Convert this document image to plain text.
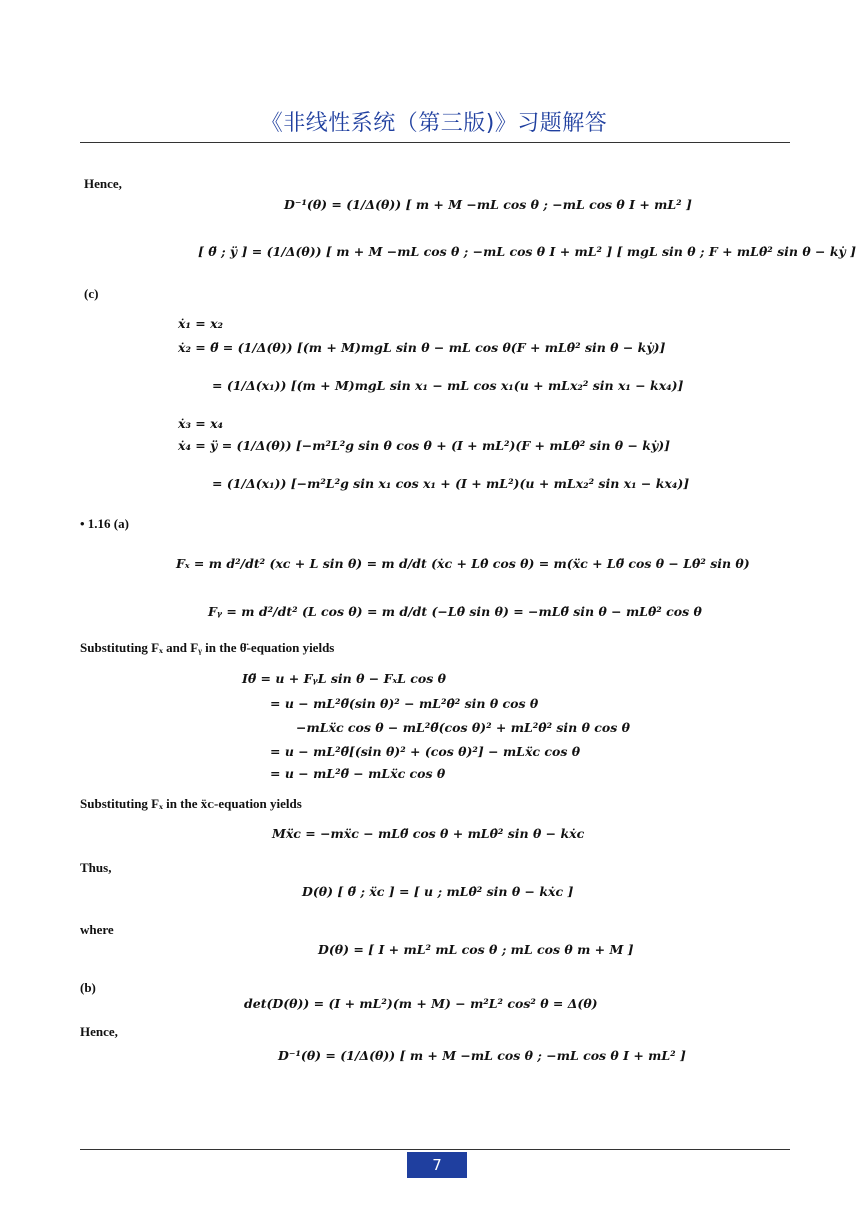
《非线性系统（第三版)》习题解答
Hence,
D⁻¹(θ) = (1/Δ(θ)) [ m + M −mL cos θ ; −mL cos θ I + mL² ]
[ θ̈ ; ÿ ] = (1/Δ(θ)) [ m + M −mL cos θ ; −mL cos θ I + mL² ] [ mgL sin θ ; F + mLθ̇² sin θ − kẏ ]
(c)
ẋ₁ = x₂
ẋ₂ = θ̈ = (1/Δ(θ)) [(m + M)mgL sin θ − mL cos θ(F + mLθ̇² sin θ − kẏ)]
= (1/Δ(x₁)) [(m + M)mgL sin x₁ − mL cos x₁(u + mLx₂² sin x₁ − kx₄)]
ẋ₃ = x₄
ẋ₄ = ÿ = (1/Δ(θ)) [−m²L²g sin θ cos θ + (I + mL²)(F + mLθ̇² sin θ − kẏ)]
= (1/Δ(x₁)) [−m²L²g sin x₁ cos x₁ + (I + mL²)(u + mLx₂² sin x₁ − kx₄)]
• 1.16 (a)
Fₓ = m d²/dt² (xᴄ + L sin θ) = m d/dt (ẋᴄ + Lθ̇ cos θ) = m(ẍᴄ + Lθ̈ cos θ − Lθ̇² sin θ)
Fᵧ = m d²/dt² (L cos θ) = m d/dt (−Lθ̇ sin θ) = −mLθ̈ sin θ − mLθ̇² cos θ
Substituting Fₓ and Fᵧ in the θ̈-equation yields
Iθ̈ = u + FᵧL sin θ − FₓL cos θ
= u − mL²θ̈(sin θ)² − mL²θ̇² sin θ cos θ
−mLẍᴄ cos θ − mL²θ̈(cos θ)² + mL²θ̇² sin θ cos θ
= u − mL²θ̈[(sin θ)² + (cos θ)²] − mLẍᴄ cos θ
= u − mL²θ̈ − mLẍᴄ cos θ
Substituting Fₓ in the ẍᴄ-equation yields
Mẍᴄ = −mẍᴄ − mLθ̈ cos θ + mLθ̇² sin θ − kẋᴄ
Thus,
D(θ) [ θ̈ ; ẍᴄ ] = [ u ; mLθ̇² sin θ − kẋᴄ ]
where
D(θ) = [ I + mL² mL cos θ ; mL cos θ m + M ]
(b)
det(D(θ)) = (I + mL²)(m + M) − m²L² cos² θ = Δ(θ)
Hence,
D⁻¹(θ) = (1/Δ(θ)) [ m + M −mL cos θ ; −mL cos θ I + mL² ]
7
